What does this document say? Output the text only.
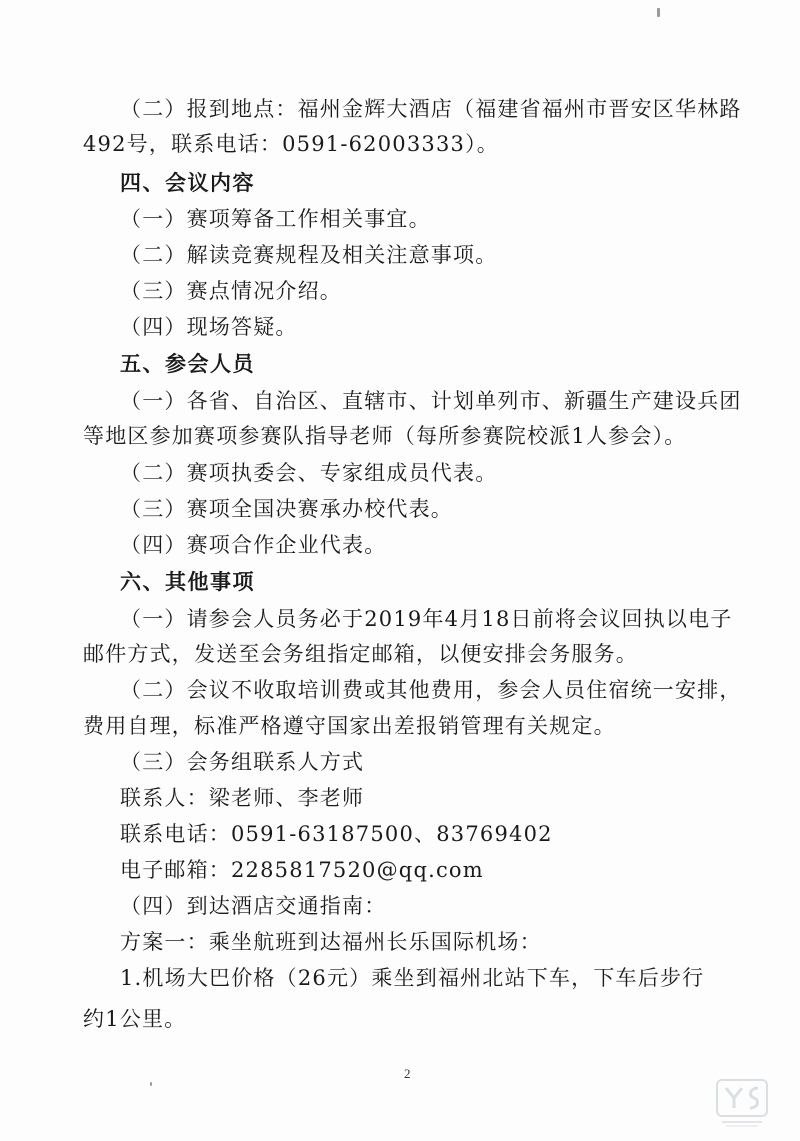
（二）报到地点：福州金辉大酒店（福建省福州市晋安区华林路
492号，联系电话：0591-62003333）。
四、会议内容
（一）赛项筹备工作相关事宜。
（二）解读竞赛规程及相关注意事项。
（三）赛点情况介绍。
（四）现场答疑。
五、参会人员
（一）各省、自治区、直辖市、计划单列市、新疆生产建设兵团
等地区参加赛项参赛队指导老师（每所参赛院校派1人参会）。
（二）赛项执委会、专家组成员代表。
（三）赛项全国决赛承办校代表。
（四）赛项合作企业代表。
六、其他事项
（一）请参会人员务必于2019年4月18日前将会议回执以电子
邮件方式，发送至会务组指定邮箱，以便安排会务服务。
（二）会议不收取培训费或其他费用，参会人员住宿统一安排，
费用自理，标准严格遵守国家出差报销管理有关规定。
（三）会务组联系人方式
联系人：梁老师、李老师
联系电话：0591-63187500、83769402
电子邮箱：2285817520@qq.com
（四）到达酒店交通指南：
方案一：乘坐航班到达福州长乐国际机场：
1.机场大巴价格（26元）乘坐到福州北站下车，下车后步行
约1公里。
2
